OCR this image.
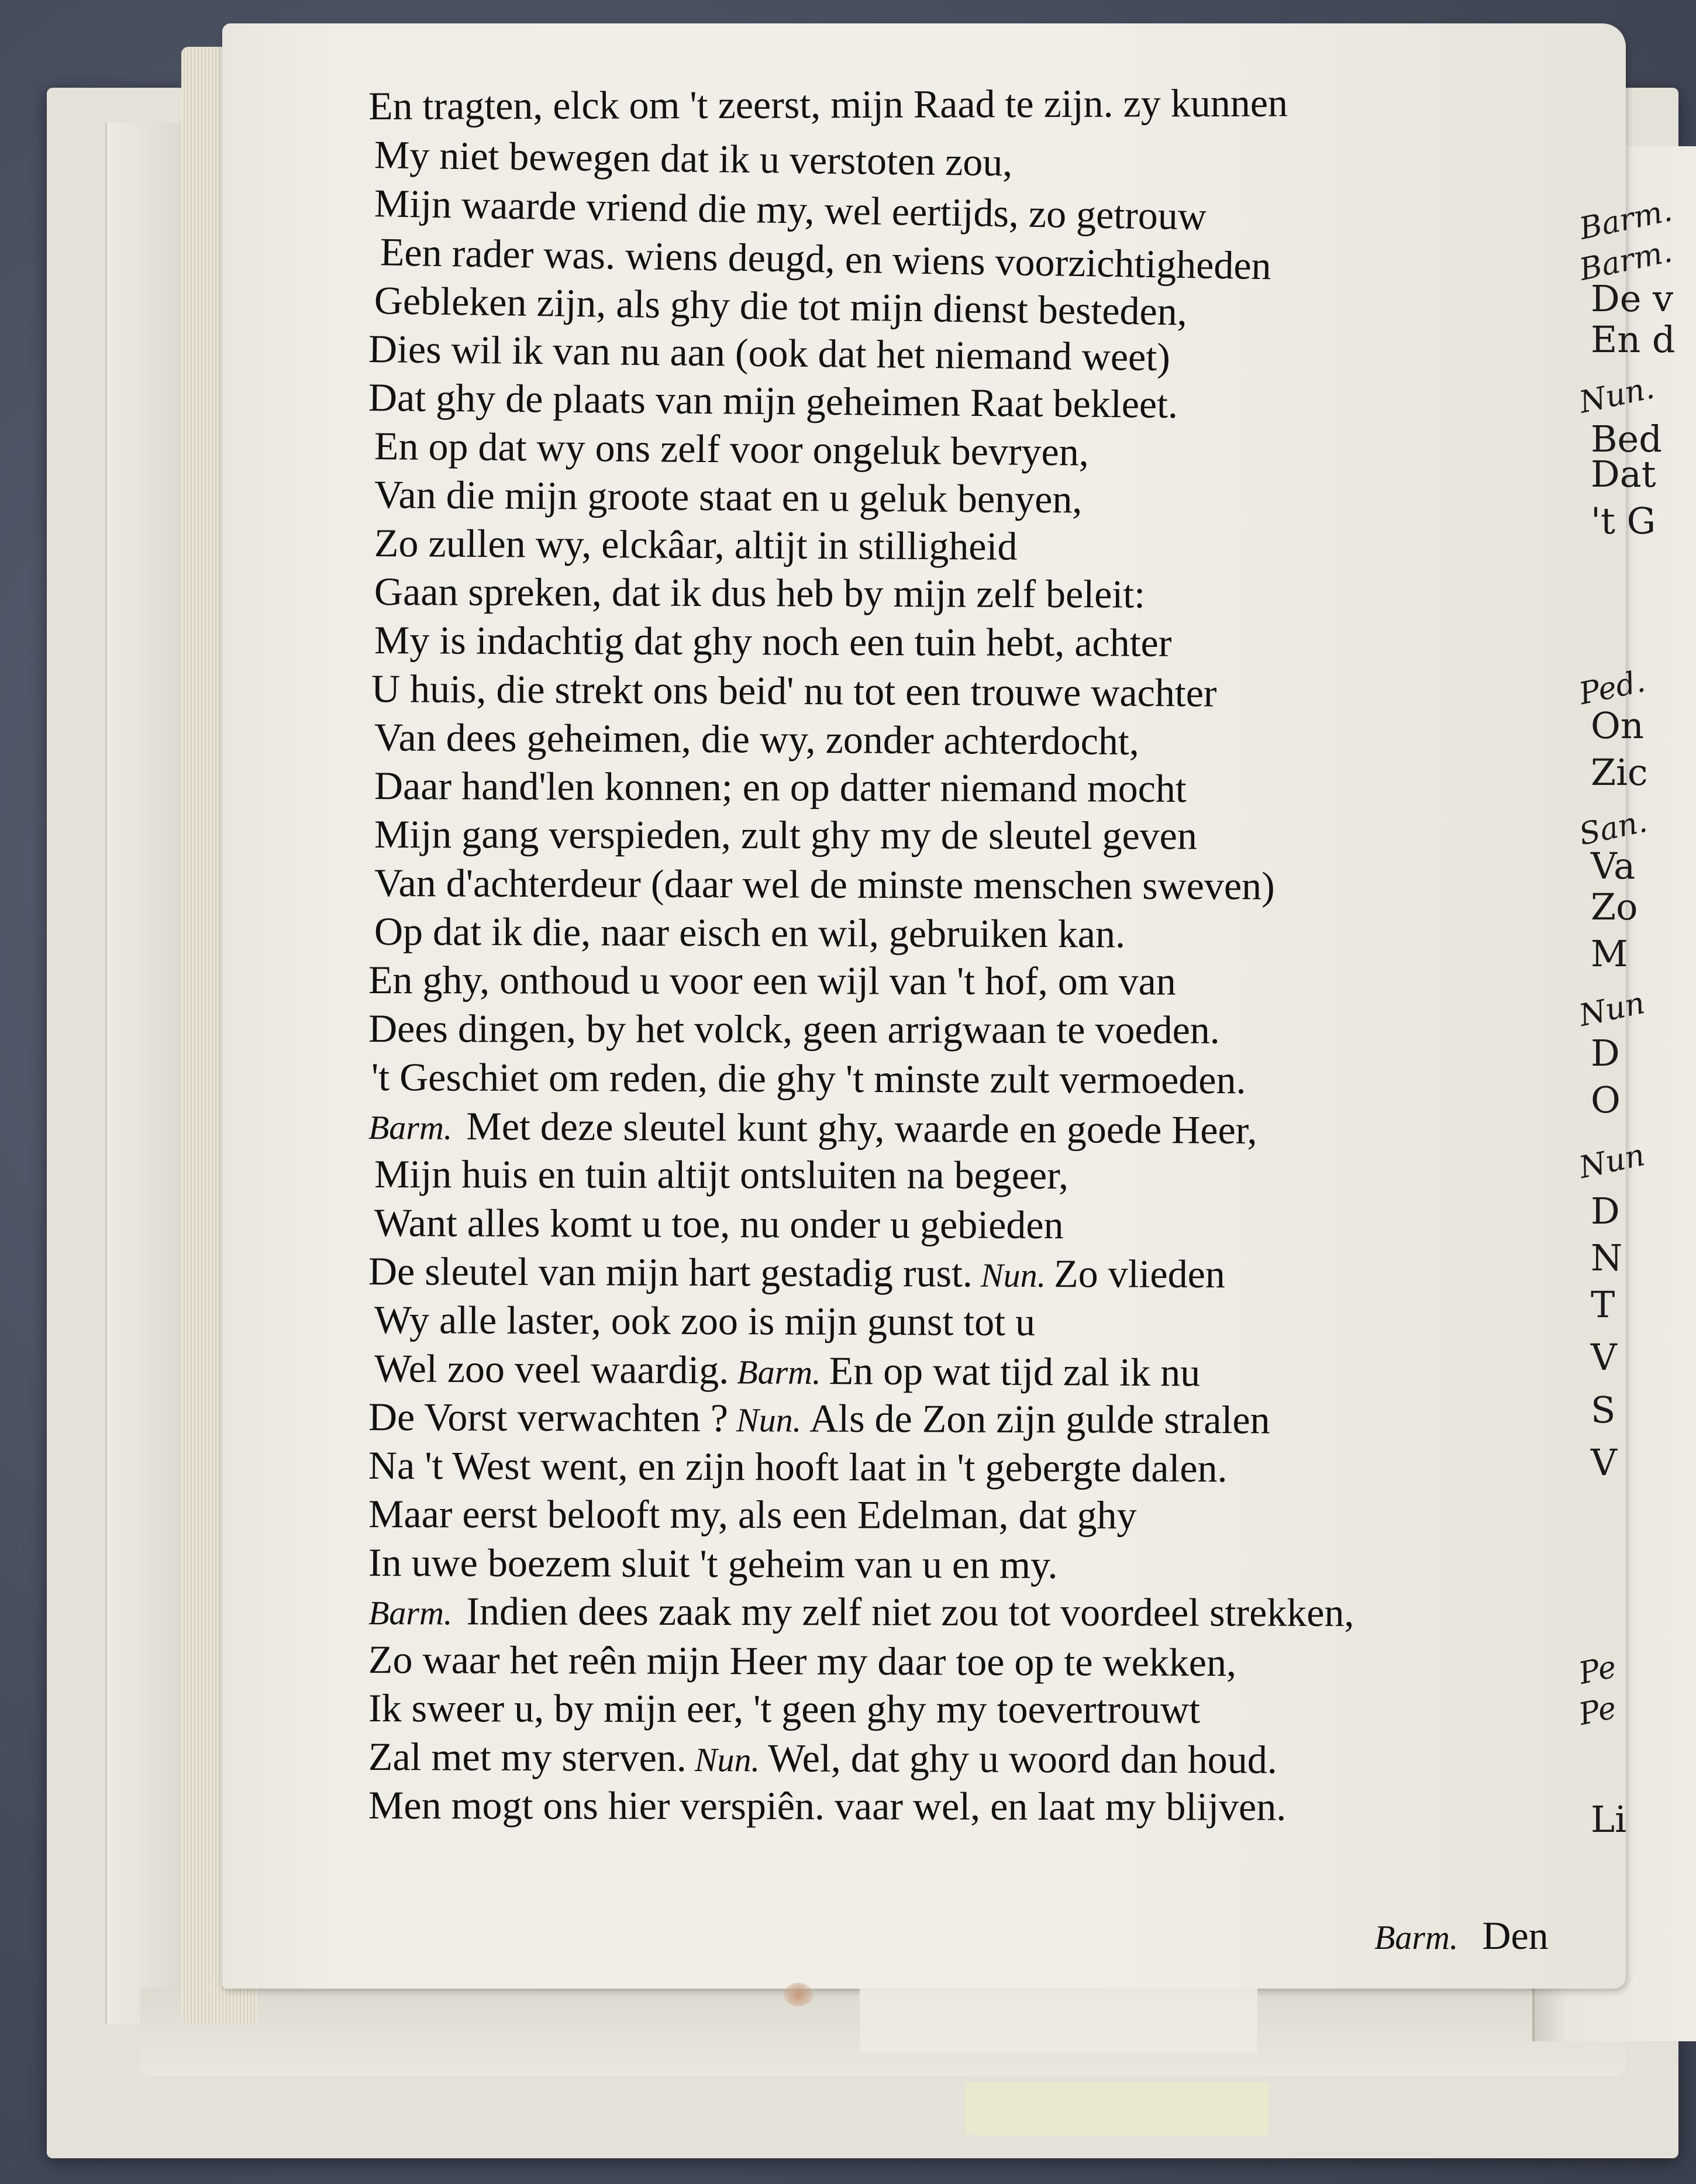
En tragten, elck om 't zeerst, mijn Raad te zijn. zy kunnen
My niet bewegen dat ik u verstoten zou,
Mijn waarde vriend die my, wel eertijds, zo getrouw
Een rader was. wiens deugd, en wiens voorzichtigheden
Gebleken zijn, als ghy die tot mijn dienst besteden,
Dies wil ik van nu aan (ook dat het niemand weet)
Dat ghy de plaats van mijn geheimen Raat bekleet.
En op dat wy ons zelf voor ongeluk bevryen,
Van die mijn groote staat en u geluk benyen,
Zo zullen wy, elckâar, altijt in stilligheid
Gaan spreken, dat ik dus heb by mijn zelf beleit:
My is indachtig dat ghy noch een tuin hebt, achter
U huis, die strekt ons beid' nu tot een trouwe wachter
Van dees geheimen, die wy, zonder achterdocht,
Daar hand'len konnen; en op datter niemand mocht
Mijn gang verspieden, zult ghy my de sleutel geven
Van d'achterdeur (daar wel de minste menschen sweven)
Op dat ik die, naar eisch en wil, gebruiken kan.
En ghy, onthoud u voor een wijl van 't hof, om van
Dees dingen, by het volck, geen arrigwaan te voeden.
't Geschiet om reden, die ghy 't minste zult vermoeden.
Barm. Met deze sleutel kunt ghy, waarde en goede Heer,
Mijn huis en tuin altijt ontsluiten na begeer,
Want alles komt u toe, nu onder u gebieden
De sleutel van mijn hart gestadig rust. Nun. Zo vlieden
Wy alle laster, ook zoo is mijn gunst tot u
Wel zoo veel waardig. Barm. En op wat tijd zal ik nu
De Vorst verwachten ? Nun. Als de Zon zijn gulde stralen
Na 't West went, en zijn hooft laat in 't gebergte dalen.
Maar eerst belooft my, als een Edelman, dat ghy
In uwe boezem sluit 't geheim van u en my.
Barm. Indien dees zaak my zelf niet zou tot voordeel strekken,
Zo waar het reên mijn Heer my daar toe op te wekken,
Ik sweer u, by mijn eer, 't geen ghy my toevertrouwt
Zal met my sterven. Nun. Wel, dat ghy u woord dan houd.
Men mogt ons hier verspiên. vaar wel, en laat my blijven.
Barm. Den
Barm.
Barm.
De v
En d
Nun.
Bed
Dat
't G
Ped.
On
Zic
San.
Va
Zo
M
Nun
D
O
Nun
D
N
T
V
S
V
Pe
Pe
Li
